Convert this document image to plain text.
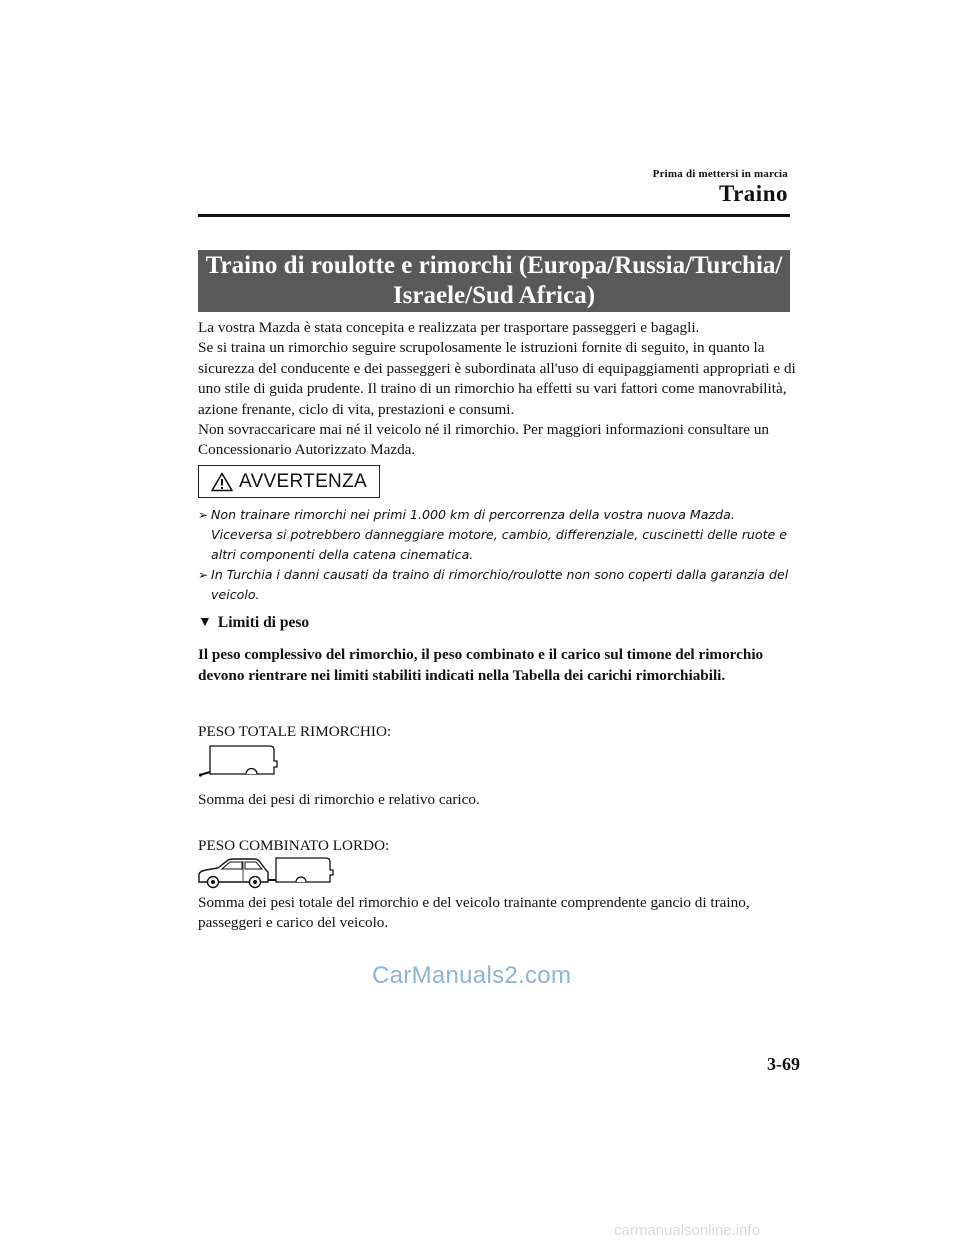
Prima di mettersi in marcia
Traino
Traino di roulotte e rimorchi (Europa/Russia/Turchia/
Israele/Sud Africa)

La vostra Mazda è stata concepita e realizzata per trasportare passeggeri e bagagli.

Se si traina un rimorchio seguire scrupolosamente le istruzioni fornite di seguito, in quanto la sicurezza del conducente e dei passeggeri è subordinata all'uso di equipaggiamenti appropriati e di uno stile di guida prudente. Il traino di un rimorchio ha effetti su vari fattori come manovrabilità, azione frenante, ciclo di vita, prestazioni e consumi.

Non sovraccaricare mai né il veicolo né il rimorchio. Per maggiori informazioni consultare un Concessionario Autorizzato Mazda.

AVVERTENZA
➢ Non trainare rimorchi nei primi 1.000 km di percorrenza della vostra nuova Mazda. Viceversa si potrebbero danneggiare motore, cambio, differenziale, cuscinetti delle ruote e altri componenti della catena cinematica.
➢ In Turchia i danni causati da traino di rimorchio/roulotte non sono coperti dalla garanzia del veicolo.
▼ Limiti di peso
Il peso complessivo del rimorchio, il peso combinato e il carico sul timone del rimorchio devono rientrare nei limiti stabiliti indicati nella Tabella dei carichi rimorchiabili.
PESO TOTALE RIMORCHIO:
Somma dei pesi di rimorchio e relativo carico.
PESO COMBINATO LORDO:
Somma dei pesi totale del rimorchio e del veicolo trainante comprendente gancio di traino, passeggeri e carico del veicolo.
CarManuals2.com
3-69
carmanualsonline.info
